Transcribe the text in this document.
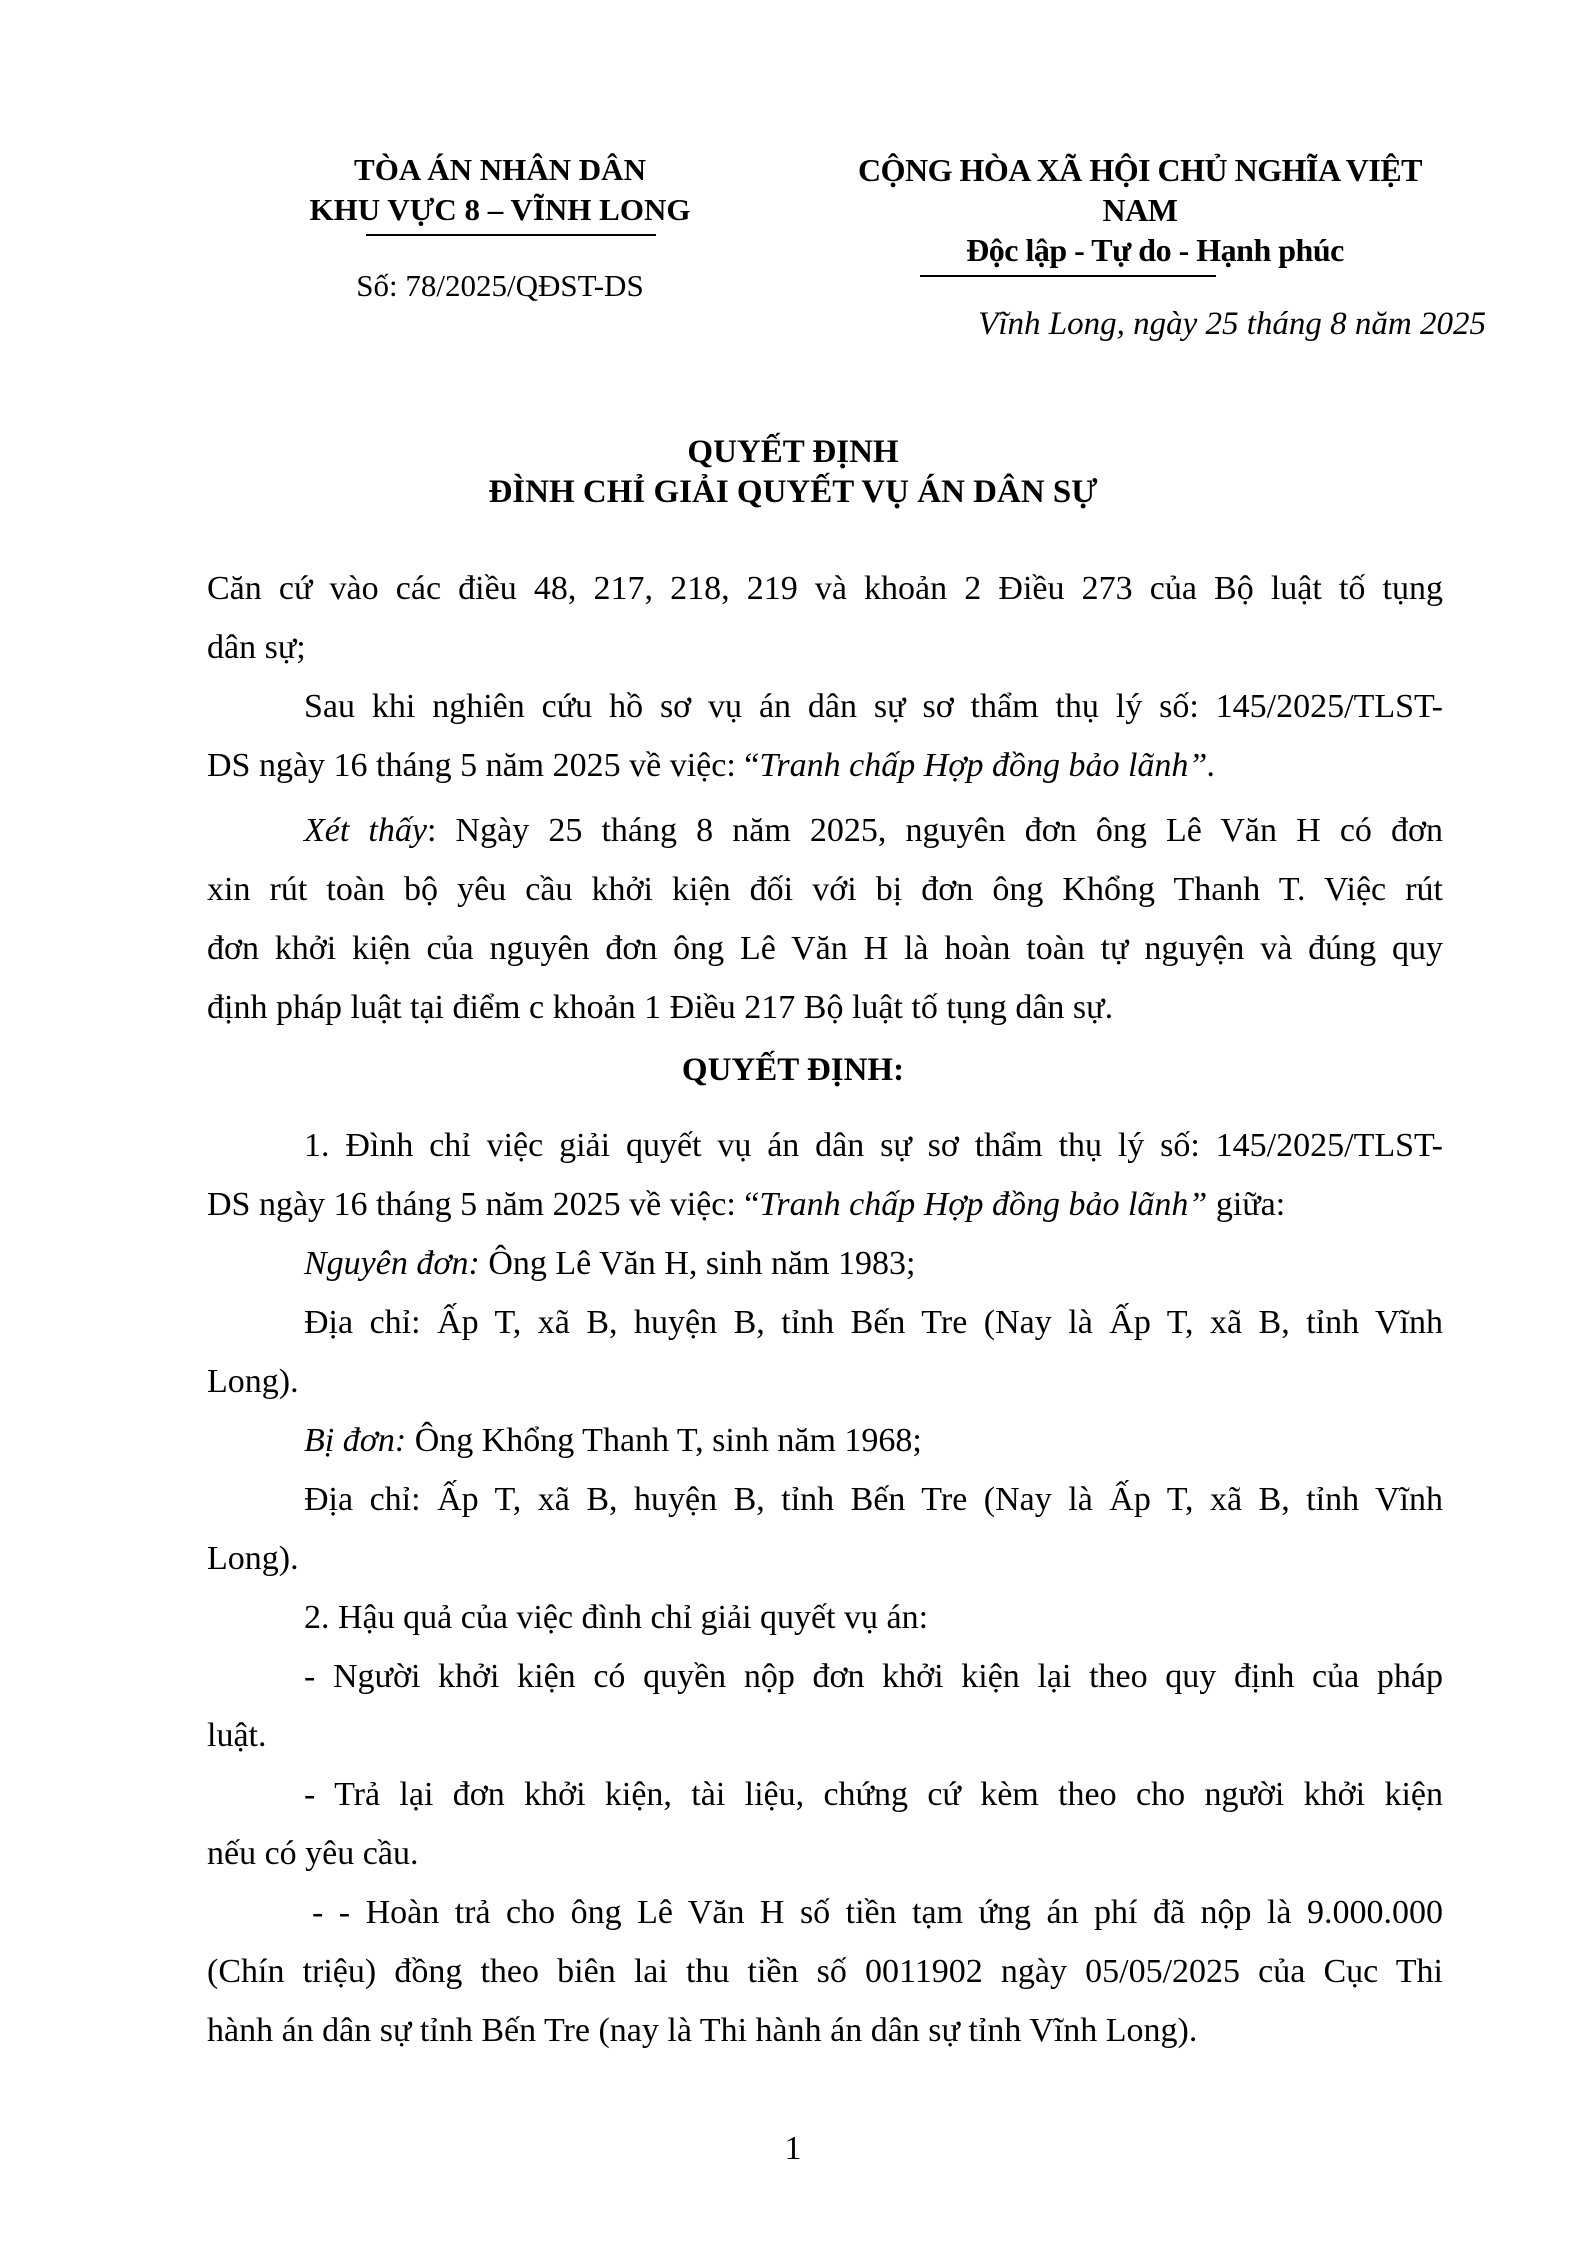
TÒA ÁN NHÂN DÂN
KHU VỰC 8 – VĨNH LONG
Số: 78/2025/QĐST-DS
CỘNG HÒA XÃ HỘI CHỦ NGHĨA VIỆT
NAM
Độc lập - Tự do - Hạnh phúc
Vĩnh Long, ngày 25 tháng 8 năm 2025
QUYẾT ĐỊNH
ĐÌNH CHỈ GIẢI QUYẾT VỤ ÁN DÂN SỰ
Căn cứ vào các điều 48, 217, 218, 219 và khoản 2 Điều 273 của Bộ luật tố tụng
dân sự;
Sau khi nghiên cứu hồ sơ vụ án dân sự sơ thẩm thụ lý số: 145/2025/TLST-
DS ngày 16 tháng 5 năm 2025 về việc: “Tranh chấp Hợp đồng bảo lãnh”.
Xét thấy: Ngày 25 tháng 8 năm 2025, nguyên đơn ông Lê Văn H có đơn
xin rút toàn bộ yêu cầu khởi kiện đối với bị đơn ông Khổng Thanh T. Việc rút
đơn khởi kiện của nguyên đơn ông Lê Văn H là hoàn toàn tự nguyện và đúng quy
định pháp luật tại điểm c khoản 1 Điều 217 Bộ luật tố tụng dân sự.
QUYẾT ĐỊNH:
1. Đình chỉ việc giải quyết vụ án dân sự sơ thẩm thụ lý số: 145/2025/TLST-
DS ngày 16 tháng 5 năm 2025 về việc: “Tranh chấp Hợp đồng bảo lãnh” giữa:
Nguyên đơn: Ông Lê Văn H, sinh năm 1983;
Địa chỉ: Ấp T, xã B, huyện B, tỉnh Bến Tre (Nay là Ấp T, xã B, tỉnh Vĩnh
Long).
Bị đơn: Ông Khổng Thanh T, sinh năm 1968;
Địa chỉ: Ấp T, xã B, huyện B, tỉnh Bến Tre (Nay là Ấp T, xã B, tỉnh Vĩnh
Long).
2. Hậu quả của việc đình chỉ giải quyết vụ án:
- Người khởi kiện có quyền nộp đơn khởi kiện lại theo quy định của pháp
luật.
- Trả lại đơn khởi kiện, tài liệu, chứng cứ kèm theo cho người khởi kiện
nếu có yêu cầu.
- - Hoàn trả cho ông Lê Văn H số tiền tạm ứng án phí đã nộp là 9.000.000
(Chín triệu) đồng theo biên lai thu tiền số 0011902 ngày 05/05/2025 của Cục Thi
hành án dân sự tỉnh Bến Tre (nay là Thi hành án dân sự tỉnh Vĩnh Long).
1
